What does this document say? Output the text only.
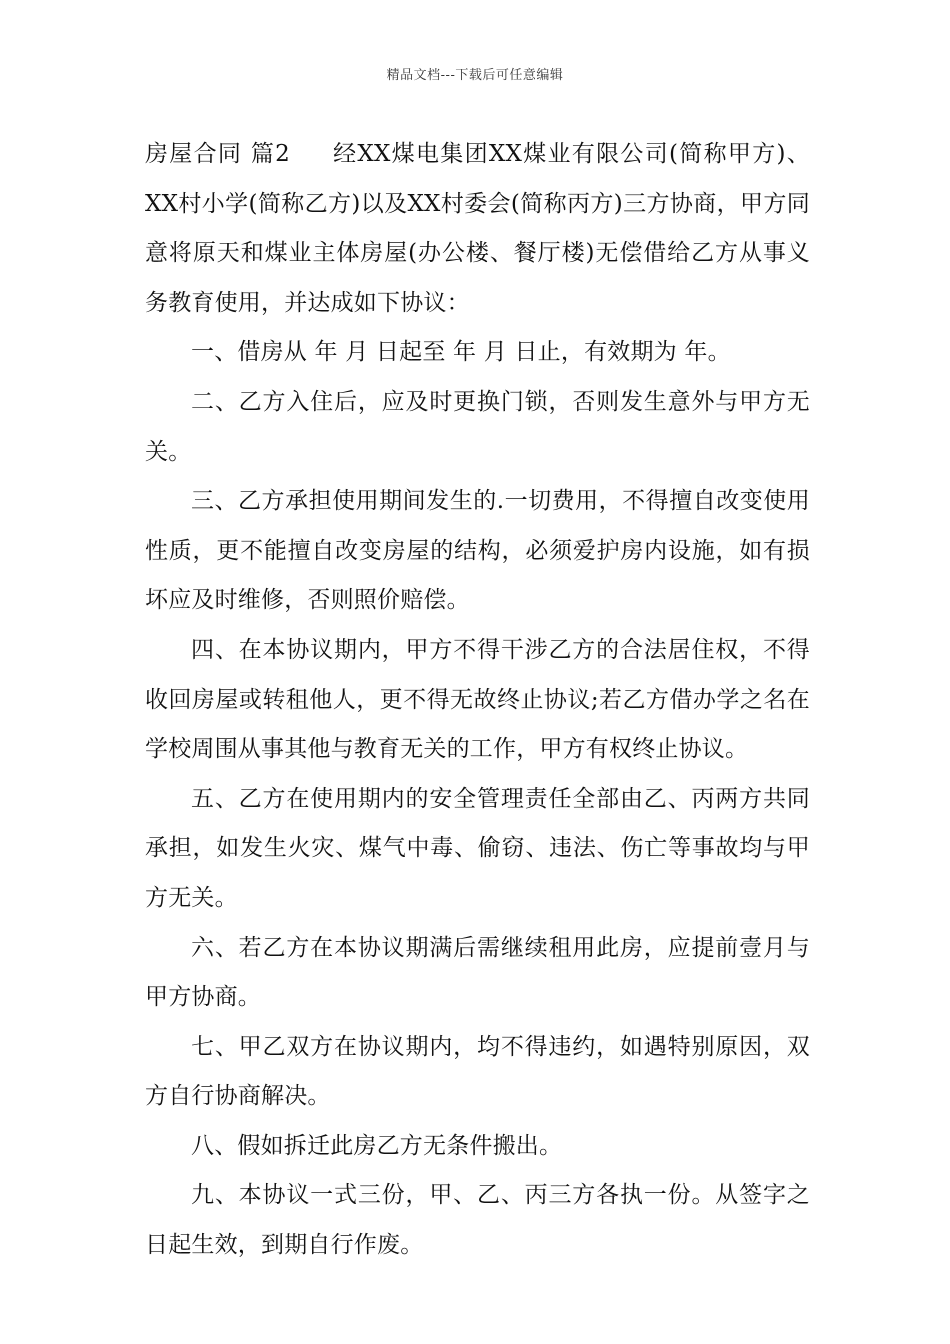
精品文档---下载后可任意编辑

房屋合同 篇2 经XX煤电集团XX煤业有限公司(简称甲方)、XX村小学(简称乙方)以及XX村委会(简称丙方)三方协商，甲方同意将原天和煤业主体房屋(办公楼、餐厅楼)无偿借给乙方从事义务教育使用，并达成如下协议：

一、借房从 年 月 日起至 年 月 日止，有效期为 年。

二、乙方入住后，应及时更换门锁，否则发生意外与甲方无关。

三、乙方承担使用期间发生的.一切费用，不得擅自改变使用性质，更不能擅自改变房屋的结构，必须爱护房内设施，如有损坏应及时维修，否则照价赔偿。

四、在本协议期内，甲方不得干涉乙方的合法居住权，不得收回房屋或转租他人，更不得无故终止协议;若乙方借办学之名在学校周围从事其他与教育无关的工作，甲方有权终止协议。

五、乙方在使用期内的安全管理责任全部由乙、丙两方共同承担，如发生火灾、煤气中毒、偷窃、违法、伤亡等事故均与甲方无关。

六、若乙方在本协议期满后需继续租用此房，应提前壹月与甲方协商。

七、甲乙双方在协议期内，均不得违约，如遇特别原因，双方自行协商解决。

八、假如拆迁此房乙方无条件搬出。

九、本协议一式三份，甲、乙、丙三方各执一份。从签字之日起生效，到期自行作废。
